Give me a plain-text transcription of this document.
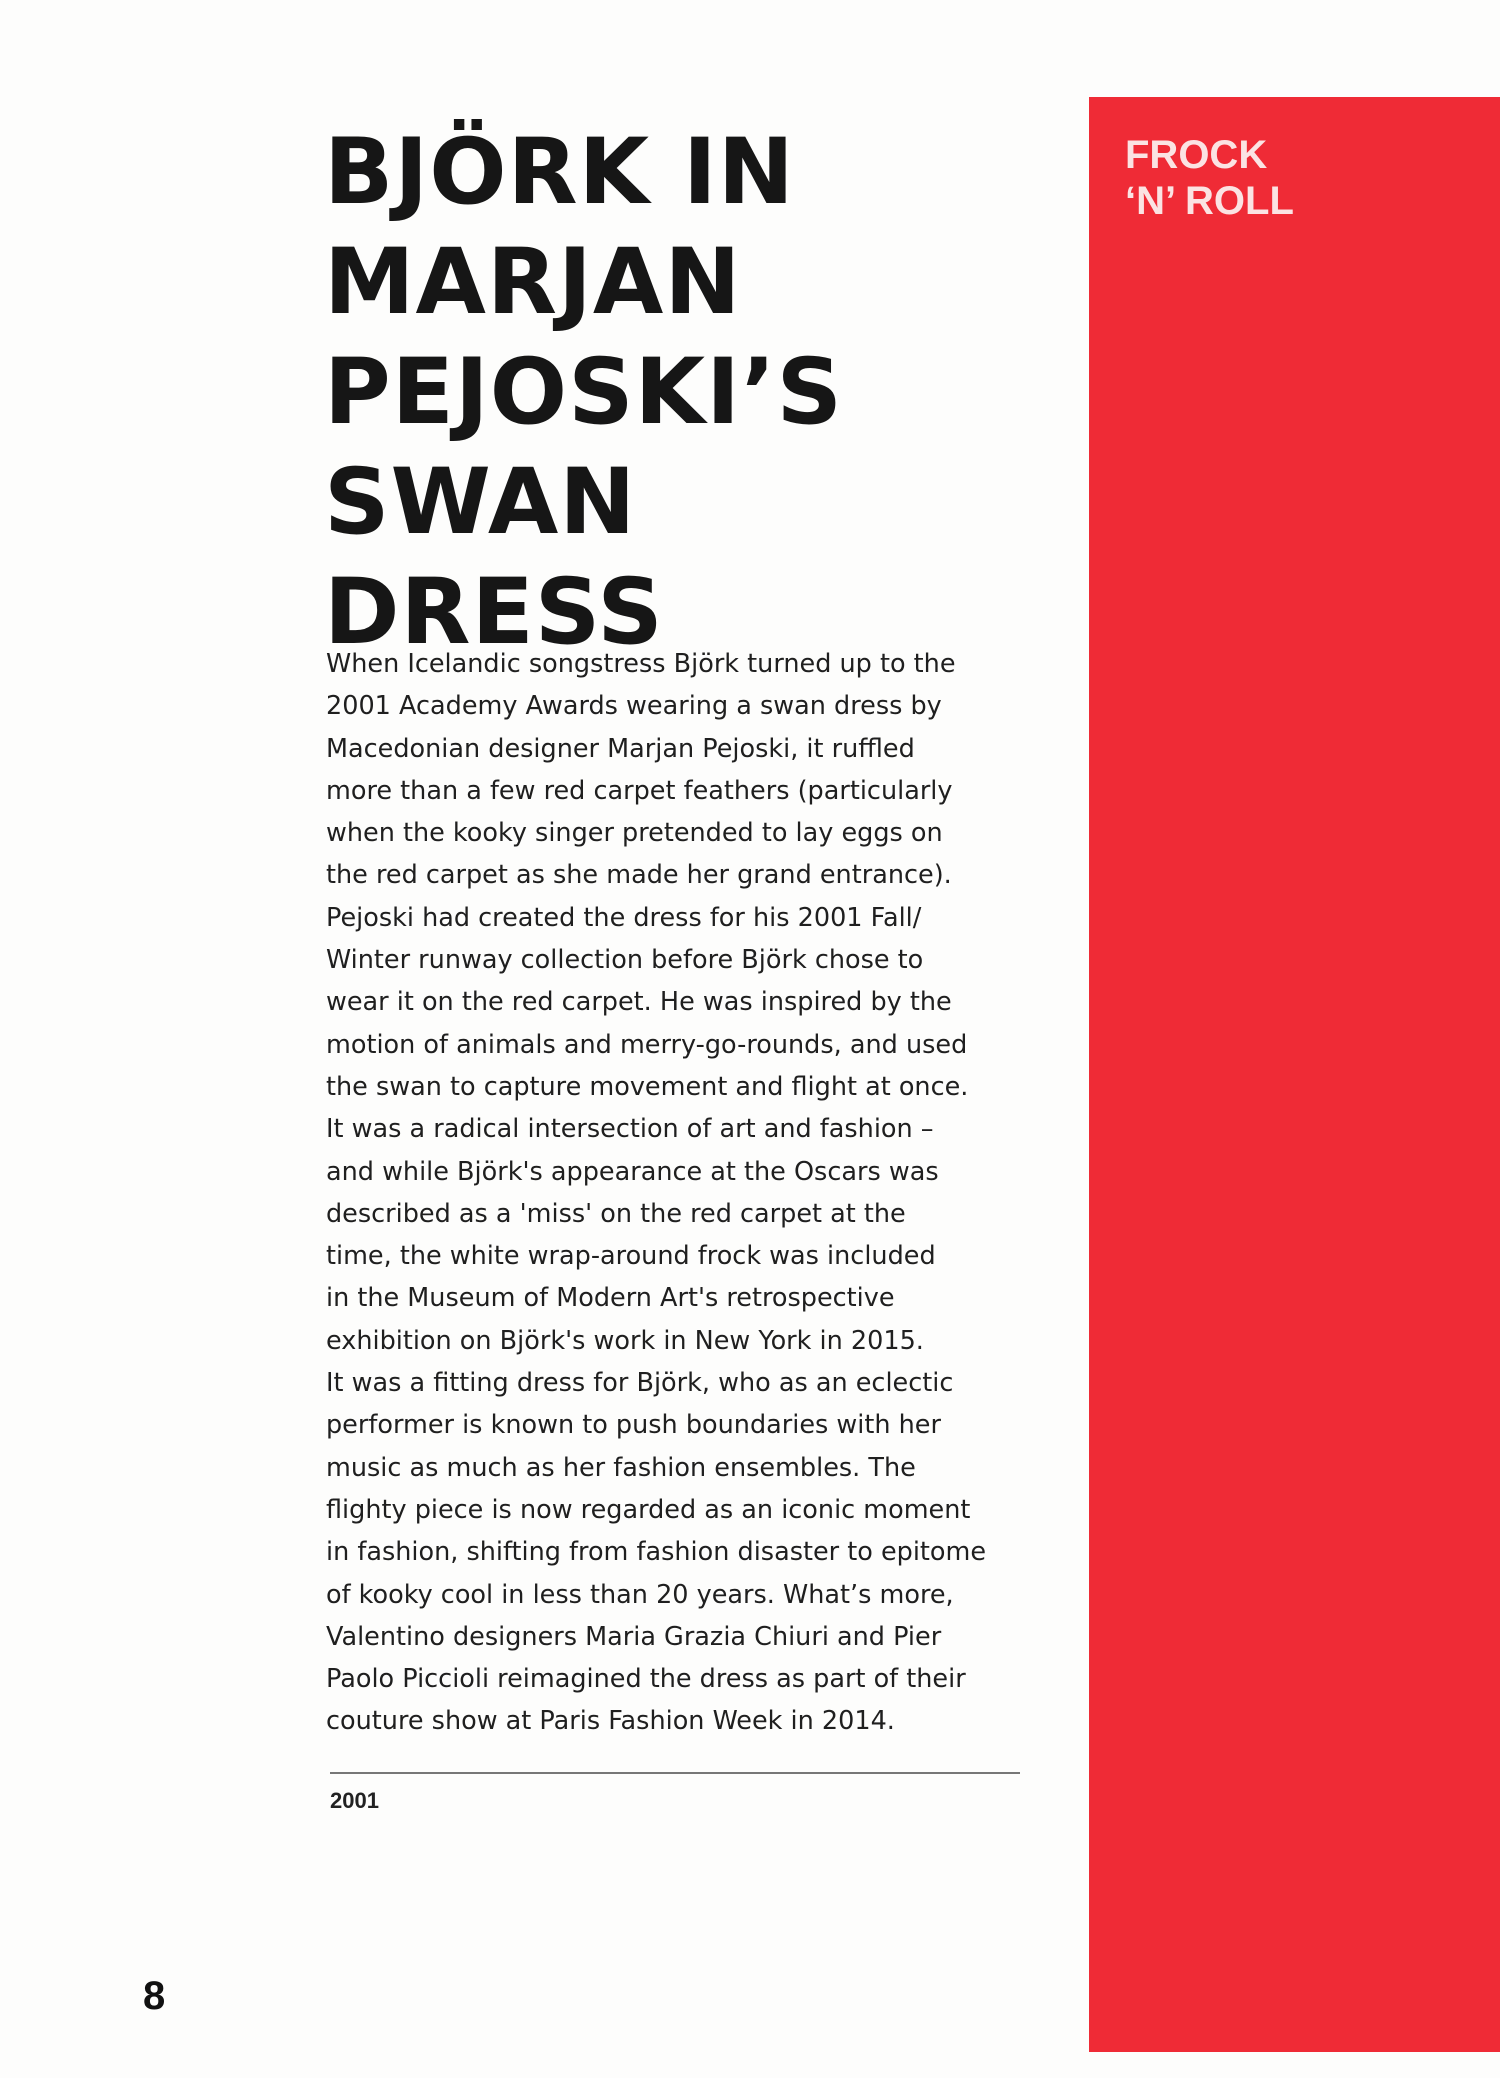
FROCK
‘N’ ROLL
BJÖRK IN
MARJAN
PEJOSKI’S
SWAN
DRESS
When Icelandic songstress Björk turned up to the
2001 Academy Awards wearing a swan dress by
Macedonian designer Marjan Pejoski, it ruffled
more than a few red carpet feathers (particularly
when the kooky singer pretended to lay eggs on
the red carpet as she made her grand entrance).
Pejoski had created the dress for his 2001 Fall/
Winter runway collection before Björk chose to
wear it on the red carpet. He was inspired by the
motion of animals and merry-go-rounds, and used
the swan to capture movement and flight at once.
It was a radical intersection of art and fashion –
and while Björk's appearance at the Oscars was
described as a 'miss' on the red carpet at the
time, the white wrap-around frock was included
in the Museum of Modern Art's retrospective
exhibition on Björk's work in New York in 2015.
It was a fitting dress for Björk, who as an eclectic
performer is known to push boundaries with her
music as much as her fashion ensembles. The
flighty piece is now regarded as an iconic moment
in fashion, shifting from fashion disaster to epitome
of kooky cool in less than 20 years. What’s more,
Valentino designers Maria Grazia Chiuri and Pier
Paolo Piccioli reimagined the dress as part of their
couture show at Paris Fashion Week in 2014.

2001

8
